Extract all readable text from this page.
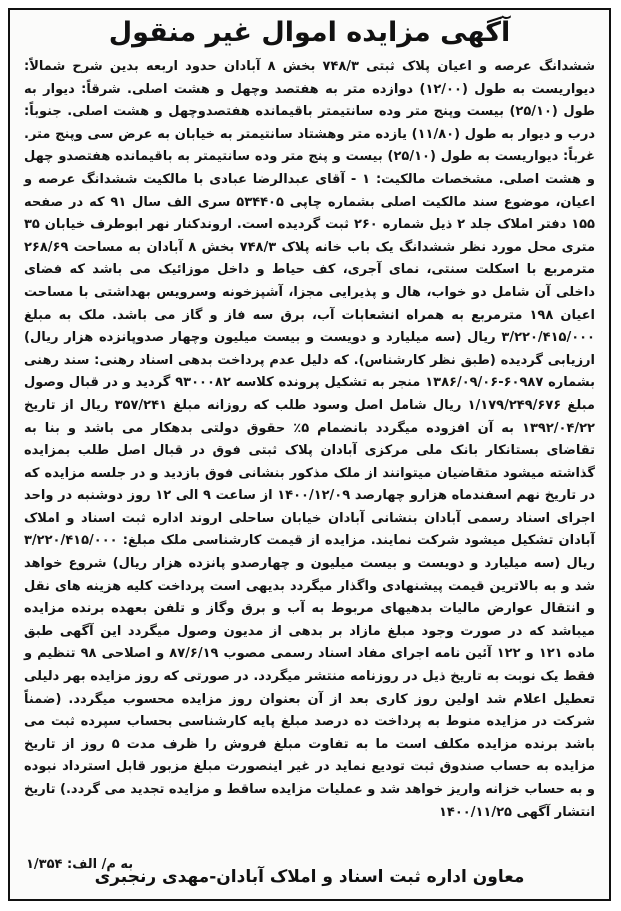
آگهی مزایده اموال غیر منقول
ششدانگ عرصه و اعیان پلاک ثبتی ۷۴۸/۳ بخش ۸ آبادان حدود اربعه بدین شرح شمالاً: دیواریست به طول (۱۲/۰۰) دوازده متر به هفتصد وچهل و هشت اصلی. شرقاً: دیوار به طول (۲۵/۱۰) بیست وپنج متر وده سانتیمتر باقیمانده هفتصدوچهل و هشت اصلی. جنوباً: درب و دیوار به طول (۱۱/۸۰) یازده متر وهشتاد سانتیمتر به خیابان به عرض سی وپنج متر. غرباً: دیواریست به طول (۲۵/۱۰) بیست و پنج متر وده سانتیمتر به باقیمانده هفتصدو چهل و هشت اصلی. مشخصات مالکیت: ۱ - آقای عبدالرضا عبادی با مالکیت ششدانگ عرصه و اعیان، موضوع سند مالکیت اصلی بشماره چاپی ۵۳۴۴۰۵ سری الف سال ۹۱ که در صفحه ۱۵۵ دفتر املاک جلد ۲ ذیل شماره ۲۶۰ ثبت گردیده است. اروندکنار نهر ابوطرف خیابان ۳۵ متری محل مورد نظر ششدانگ یک باب خانه پلاک ۷۴۸/۳ بخش ۸ آبادان به مساحت ۲۶۸/۶۹ مترمربع با اسکلت سنتی، نمای آجری، کف حیاط و داخل موزائیک می باشد که فضای داخلی آن شامل دو خواب، هال و پذیرایی مجزا، آشپزخونه وسرویس بهداشتی با مساحت اعیان ۱۹۸ مترمربع به همراه انشعابات آب، برق سه فاز و گاز می باشد. ملک به مبلغ ۳/۲۲۰/۴۱۵/۰۰۰ ریال (سه میلیارد و دویست و بیست میلیون وچهار صدوپانزده هزار ریال) ارزیابی گردیده (طبق نظر کارشناس). که دلیل عدم پرداخت بدهی اسناد رهنی: سند رهنی بشماره ۶۰۹۸۷-۱۳۸۶/۰۹/۰۶ منجر به تشکیل پرونده کلاسه ۹۳۰۰۰۸۲ گردید و در قبال وصول مبلغ ۱/۱۷۹/۲۴۹/۶۷۶ ریال شامل اصل وسود طلب که روزانه مبلغ ۳۵۷/۲۴۱ ریال از تاریخ ۱۳۹۲/۰۴/۲۲ به آن افزوده میگردد بانضمام ۵٪ حقوق دولتی بدهکار می باشد و بنا به تقاضای بستانکار بانک ملی مرکزی آبادان پلاک ثبتی فوق در قبال اصل طلب بمزایده گذاشته میشود متقاضیان میتوانند از ملک مذکور بنشانی فوق بازدید و در جلسه مزایده که در تاریخ نهم اسفندماه هزارو چهارصد ۱۴۰۰/۱۲/۰۹ از ساعت ۹ الی ۱۲ روز دوشنبه در واحد اجرای اسناد رسمی آبادان بنشانی آبادان خیابان ساحلی اروند اداره ثبت اسناد و املاک آبادان تشکیل میشود شرکت نمایند. مزایده از قیمت کارشناسی ملک مبلغ: ۳/۲۲۰/۴۱۵/۰۰۰ ریال (سه میلیارد و دویست و بیست میلیون و چهارصدو پانزده هزار ریال) شروع خواهد شد و به بالاترین قیمت پیشنهادی واگذار میگردد بدیهی است پرداخت کلیه هزینه های نقل و انتقال عوارض مالیات بدهیهای مربوط به آب و برق وگاز و تلفن بعهده برنده مزایده میباشد که در صورت وجود مبلغ مازاد بر بدهی از مدیون وصول میگردد این آگهی طبق ماده ۱۲۱ و ۱۲۲ آئین نامه اجرای مفاد اسناد رسمی مصوب ۸۷/۶/۱۹ و اصلاحی ۹۸ تنظیم و فقط یک نوبت به تاریخ ذیل در روزنامه منتشر میگردد. در صورتی که روز مزایده بهر دلیلی تعطیل اعلام شد اولین روز کاری بعد از آن بعنوان روز مزایده محسوب میگردد. (ضمناً شرکت در مزایده منوط به پرداخت ده درصد مبلغ پایه کارشناسی بحساب سپرده ثبت می باشد برنده مزایده مکلف است ما به تفاوت مبلغ فروش را ظرف مدت ۵ روز از تاریخ مزایده به حساب صندوق ثبت تودیع نماید در غیر اینصورت مبلغ مزبور قابل استرداد نبوده و به حساب خزانه واریز خواهد شد و عملیات مزایده ساقط و مزایده تجدید می گردد.) تاریخ انتشار آگهی ۱۴۰۰/۱۱/۲۵
به م/ الف: ۱/۳۵۴
معاون اداره ثبت اسناد و املاک آبادان-مهدی رنجبری
